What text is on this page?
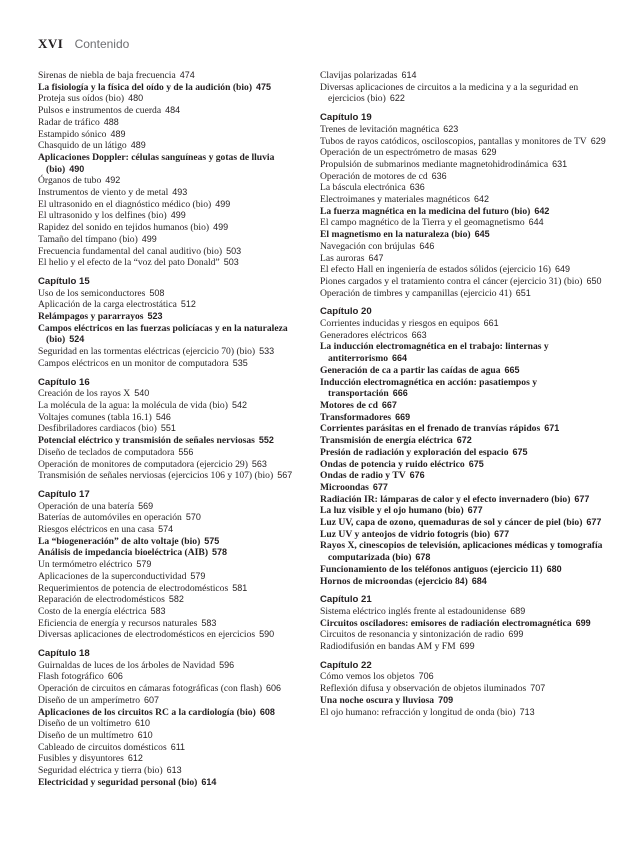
XVI Contenido
Sirenas de niebla de baja frecuencia 474
La fisiología y la física del oído y de la audición (bio) 475
Proteja sus oídos (bio) 480
Pulsos e instrumentos de cuerda 484
Radar de tráfico 488
Estampido sónico 489
Chasquido de un látigo 489
Aplicaciones Doppler: células sanguíneas y gotas de lluvia (bio) 490
Órganos de tubo 492
Instrumentos de viento y de metal 493
El ultrasonido en el diagnóstico médico (bio) 499
El ultrasonido y los delfines (bio) 499
Rapidez del sonido en tejidos humanos (bio) 499
Tamaño del tímpano (bio) 499
Frecuencia fundamental del canal auditivo (bio) 503
El helio y el efecto de la “voz del pato Donald” 503
Capítulo 15
Uso de los semiconductores 508
Aplicación de la carga electrostática 512
Relámpagos y pararrayos 523
Campos eléctricos en las fuerzas policíacas y en la naturaleza (bio) 524
Seguridad en las tormentas eléctricas (ejercicio 70) (bio) 533
Campos eléctricos en un monitor de computadora 535
Capítulo 16
Creación de los rayos X 540
La molécula de la agua: la molécula de vida (bio) 542
Voltajes comunes (tabla 16.1) 546
Desfibriladores cardiacos (bio) 551
Potencial eléctrico y transmisión de señales nerviosas 552
Diseño de teclados de computadora 556
Operación de monitores de computadora (ejercicio 29) 563
Transmisión de señales nerviosas (ejercicios 106 y 107) (bio) 567
Capítulo 17
Operación de una batería 569
Baterías de automóviles en operación 570
Riesgos eléctricos en una casa 574
La “biogeneración” de alto voltaje (bio) 575
Análisis de impedancia bioeléctrica (AIB) 578
Un termómetro eléctrico 579
Aplicaciones de la superconductividad 579
Requerimientos de potencia de electrodomésticos 581
Reparación de electrodomésticos 582
Costo de la energía eléctrica 583
Eficiencia de energía y recursos naturales 583
Diversas aplicaciones de electrodomésticos en ejercicios 590
Capítulo 18
Guirnaldas de luces de los árboles de Navidad 596
Flash fotográfico 606
Operación de circuitos en cámaras fotográficas (con flash) 606
Diseño de un amperímetro 607
Aplicaciones de los circuitos RC a la cardiología (bio) 608
Diseño de un voltímetro 610
Diseño de un multímetro 610
Cableado de circuitos domésticos 611
Fusibles y disyuntores 612
Seguridad eléctrica y tierra (bio) 613
Electricidad y seguridad personal (bio) 614
Clavijas polarizadas 614
Diversas aplicaciones de circuitos a la medicina y a la seguridad en ejercicios (bio) 622
Capítulo 19
Trenes de levitación magnética 623
Tubos de rayos catódicos, osciloscopios, pantallas y monitores de TV 629
Operación de un espectrómetro de masas 629
Propulsión de submarinos mediante magnetohidrodinámica 631
Operación de motores de cd 636
La báscula electrónica 636
Electroimanes y materiales magnéticos 642
La fuerza magnética en la medicina del futuro (bio) 642
El campo magnético de la Tierra y el geomagnetismo 644
El magnetismo en la naturaleza (bio) 645
Navegación con brújulas 646
Las auroras 647
El efecto Hall en ingeniería de estados sólidos (ejercicio 16) 649
Piones cargados y el tratamiento contra el cáncer (ejercicio 31) (bio) 650
Operación de timbres y campanillas (ejercicio 41) 651
Capítulo 20
Corrientes inducidas y riesgos en equipos 661
Generadores eléctricos 663
La inducción electromagnética en el trabajo: linternas y antiterrorismo 664
Generación de ca a partir las caídas de agua 665
Inducción electromagnética en acción: pasatiempos y transportación 666
Motores de cd 667
Transformadores 669
Corrientes parásitas en el frenado de tranvías rápidos 671
Transmisión de energía eléctrica 672
Presión de radiación y exploración del espacio 675
Ondas de potencia y ruido eléctrico 675
Ondas de radio y TV 676
Microondas 677
Radiación IR: lámparas de calor y el efecto invernadero (bio) 677
La luz visible y el ojo humano (bio) 677
Luz UV, capa de ozono, quemaduras de sol y cáncer de piel (bio) 677
Luz UV y anteojos de vidrio fotogris (bio) 677
Rayos X, cinescopios de televisión, aplicaciones médicas y tomografía computarizada (bio) 678
Funcionamiento de los teléfonos antiguos (ejercicio 11) 680
Hornos de microondas (ejercicio 84) 684
Capítulo 21
Sistema eléctrico inglés frente al estadounidense 689
Circuitos osciladores: emisores de radiación electromagnética 699
Circuitos de resonancia y sintonización de radio 699
Radiodifusión en bandas AM y FM 699
Capítulo 22
Cómo vemos los objetos 706
Reflexión difusa y observación de objetos iluminados 707
Una noche oscura y lluviosa 709
El ojo humano: refracción y longitud de onda (bio) 713
